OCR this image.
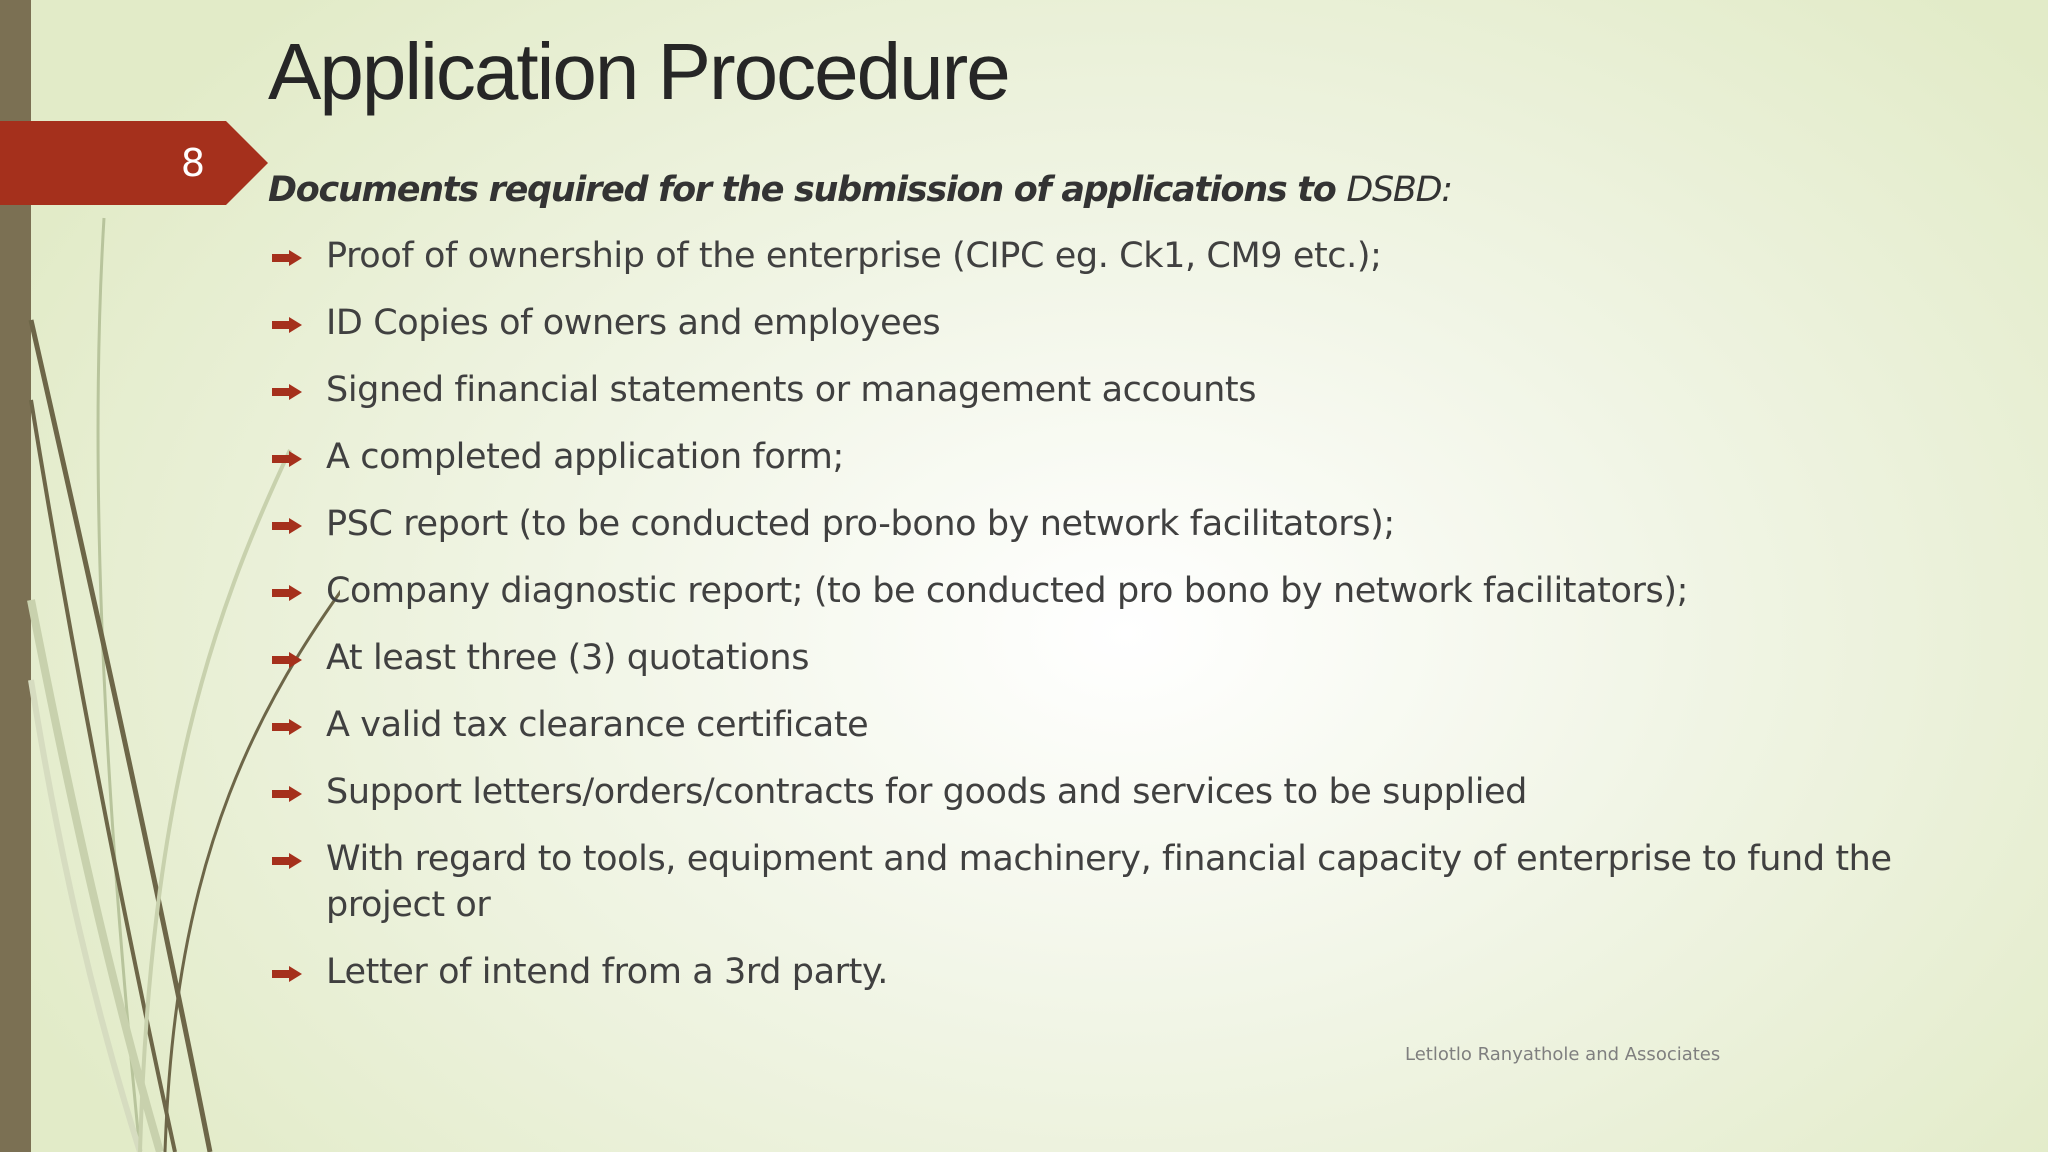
8
Application Procedure
Documents required for the submission of applications to DSBD:
Proof of ownership of the enterprise (CIPC eg. Ck1, CM9 etc.);
ID Copies of owners and employees
Signed financial statements or management accounts
A completed application form;
PSC report (to be conducted pro-bono by network facilitators);
Company diagnostic report; (to be conducted pro bono by network facilitators);
At least three (3) quotations
A valid tax clearance certificate
Support letters/orders/contracts for goods and services to be supplied
With regard to tools, equipment and machinery, financial capacity of enterprise to fund the project or
Letter of intend from a 3rd party.
Letlotlo Ranyathole and Associates
